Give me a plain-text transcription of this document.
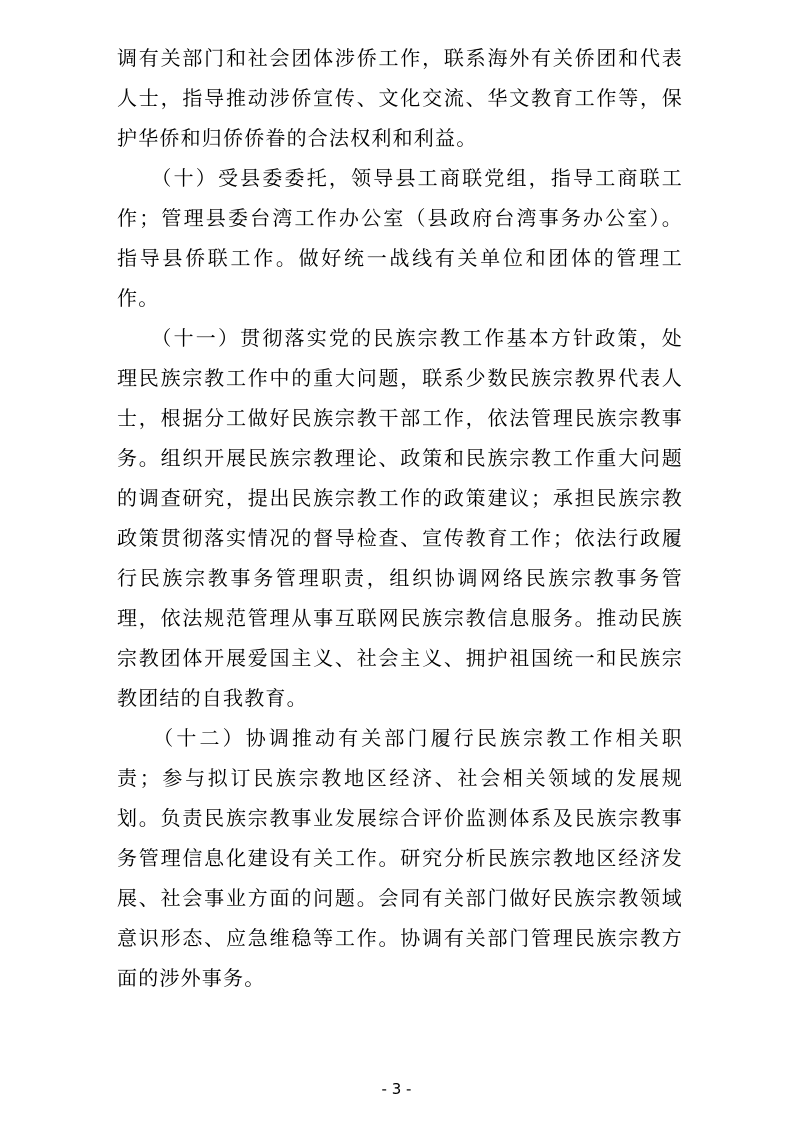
调有关部门和社会团体涉侨工作，联系海外有关侨团和代表
人士，指导推动涉侨宣传、文化交流、华文教育工作等，保
护华侨和归侨侨眷的合法权利和利益。

　　（十）受县委委托，领导县工商联党组，指导工商联工
作；管理县委台湾工作办公室（县政府台湾事务办公室）。
指导县侨联工作。做好统一战线有关单位和团体的管理工
作。

　　（十一）贯彻落实党的民族宗教工作基本方针政策，处
理民族宗教工作中的重大问题，联系少数民族宗教界代表人
士，根据分工做好民族宗教干部工作，依法管理民族宗教事
务。组织开展民族宗教理论、政策和民族宗教工作重大问题
的调查研究，提出民族宗教工作的政策建议；承担民族宗教
政策贯彻落实情况的督导检查、宣传教育工作；依法行政履
行民族宗教事务管理职责，组织协调网络民族宗教事务管
理，依法规范管理从事互联网民族宗教信息服务。推动民族
宗教团体开展爱国主义、社会主义、拥护祖国统一和民族宗
教团结的自我教育。

　　（十二）协调推动有关部门履行民族宗教工作相关职
责；参与拟订民族宗教地区经济、社会相关领域的发展规
划。负责民族宗教事业发展综合评价监测体系及民族宗教事
务管理信息化建设有关工作。研究分析民族宗教地区经济发
展、社会事业方面的问题。会同有关部门做好民族宗教领域
意识形态、应急维稳等工作。协调有关部门管理民族宗教方
面的涉外事务。

- 3 -
